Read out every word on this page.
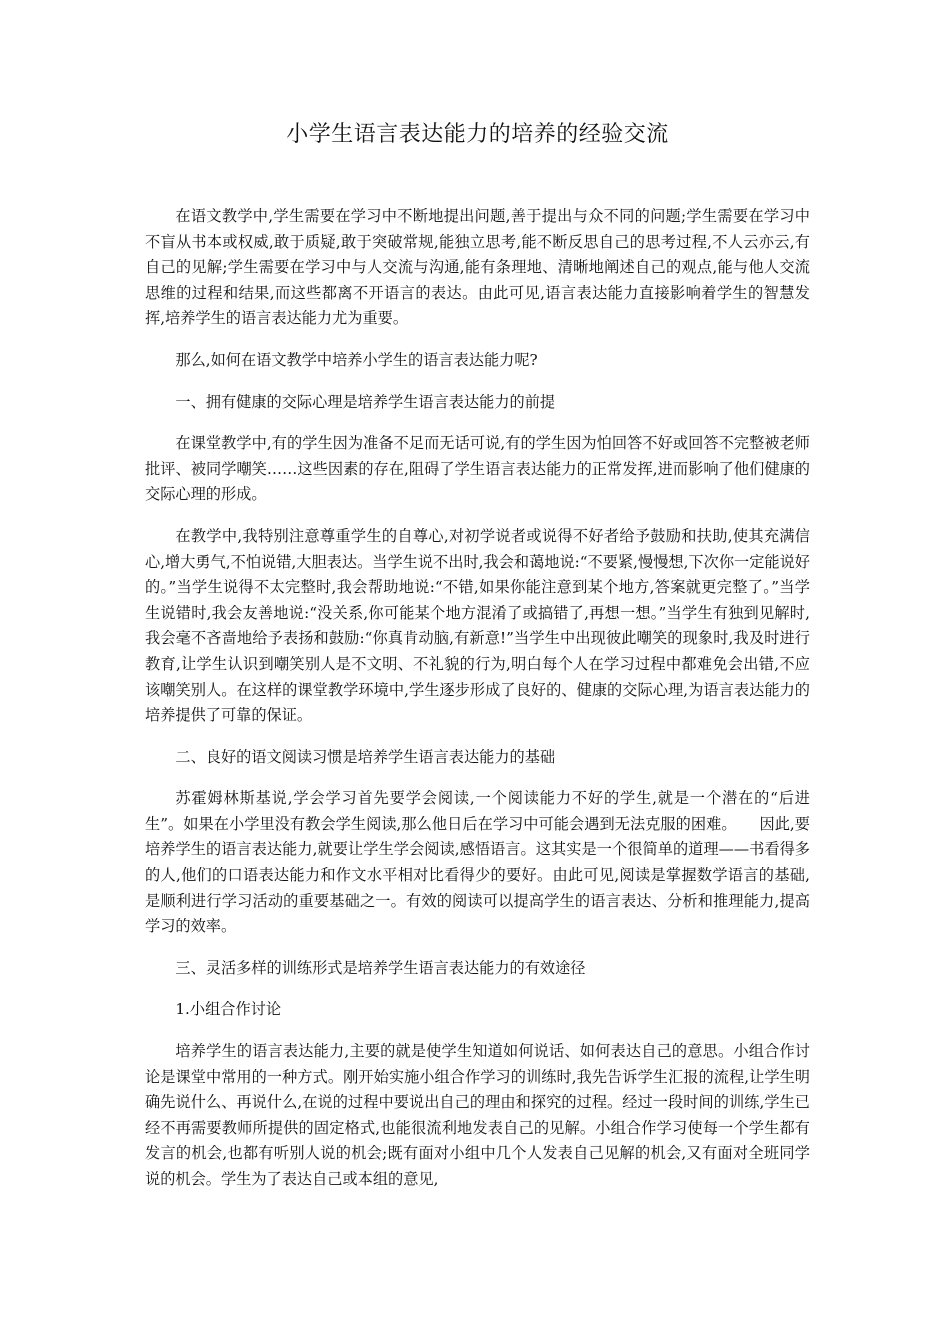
小学生语言表达能力的培养的经验交流

在语文教学中,学生需要在学习中不断地提出问题,善于提出与众不同的问题;学生需要在学习中不盲从书本或权威,敢于质疑,敢于突破常规,能独立思考,能不断反思自己的思考过程,不人云亦云,有自己的见解;学生需要在学习中与人交流与沟通,能有条理地、清晰地阐述自己的观点,能与他人交流思维的过程和结果,而这些都离不开语言的表达。由此可见,语言表达能力直接影响着学生的智慧发挥,培养学生的语言表达能力尤为重要。

那么,如何在语文教学中培养小学生的语言表达能力呢?

一、拥有健康的交际心理是培养学生语言表达能力的前提

在课堂教学中,有的学生因为准备不足而无话可说,有的学生因为怕回答不好或回答不完整被老师批评、被同学嘲笑……这些因素的存在,阻碍了学生语言表达能力的正常发挥,进而影响了他们健康的交际心理的形成。

在教学中,我特别注意尊重学生的自尊心,对初学说者或说得不好者给予鼓励和扶助,使其充满信心,增大勇气,不怕说错,大胆表达。当学生说不出时,我会和蔼地说:“不要紧,慢慢想,下次你一定能说好的。”当学生说得不太完整时,我会帮助地说:“不错,如果你能注意到某个地方,答案就更完整了。”当学生说错时,我会友善地说:“没关系,你可能某个地方混淆了或搞错了,再想一想。”当学生有独到见解时,我会毫不吝啬地给予表扬和鼓励:“你真肯动脑,有新意!”当学生中出现彼此嘲笑的现象时,我及时进行教育,让学生认识到嘲笑别人是不文明、不礼貌的行为,明白每个人在学习过程中都难免会出错,不应该嘲笑别人。在这样的课堂教学环境中,学生逐步形成了良好的、健康的交际心理,为语言表达能力的培养提供了可靠的保证。

二、良好的语文阅读习惯是培养学生语言表达能力的基础

苏霍姆林斯基说,学会学习首先要学会阅读,一个阅读能力不好的学生,就是一个潜在的“后进生”。如果在小学里没有教会学生阅读,那么他日后在学习中可能会遇到无法克服的困难。　　因此,要培养学生的语言表达能力,就要让学生学会阅读,感悟语言。这其实是一个很简单的道理——书看得多的人,他们的口语表达能力和作文水平相对比看得少的要好。由此可见,阅读是掌握数学语言的基础,是顺利进行学习活动的重要基础之一。有效的阅读可以提高学生的语言表达、分析和推理能力,提高学习的效率。

三、灵活多样的训练形式是培养学生语言表达能力的有效途径

1.小组合作讨论

培养学生的语言表达能力,主要的就是使学生知道如何说话、如何表达自己的意思。小组合作讨论是课堂中常用的一种方式。刚开始实施小组合作学习的训练时,我先告诉学生汇报的流程,让学生明确先说什么、再说什么,在说的过程中要说出自己的理由和探究的过程。经过一段时间的训练,学生已经不再需要教师所提供的固定格式,也能很流利地发表自己的见解。小组合作学习使每一个学生都有发言的机会,也都有听别人说的机会;既有面对小组中几个人发表自己见解的机会,又有面对全班同学说的机会。学生为了表达自己或本组的意见,
